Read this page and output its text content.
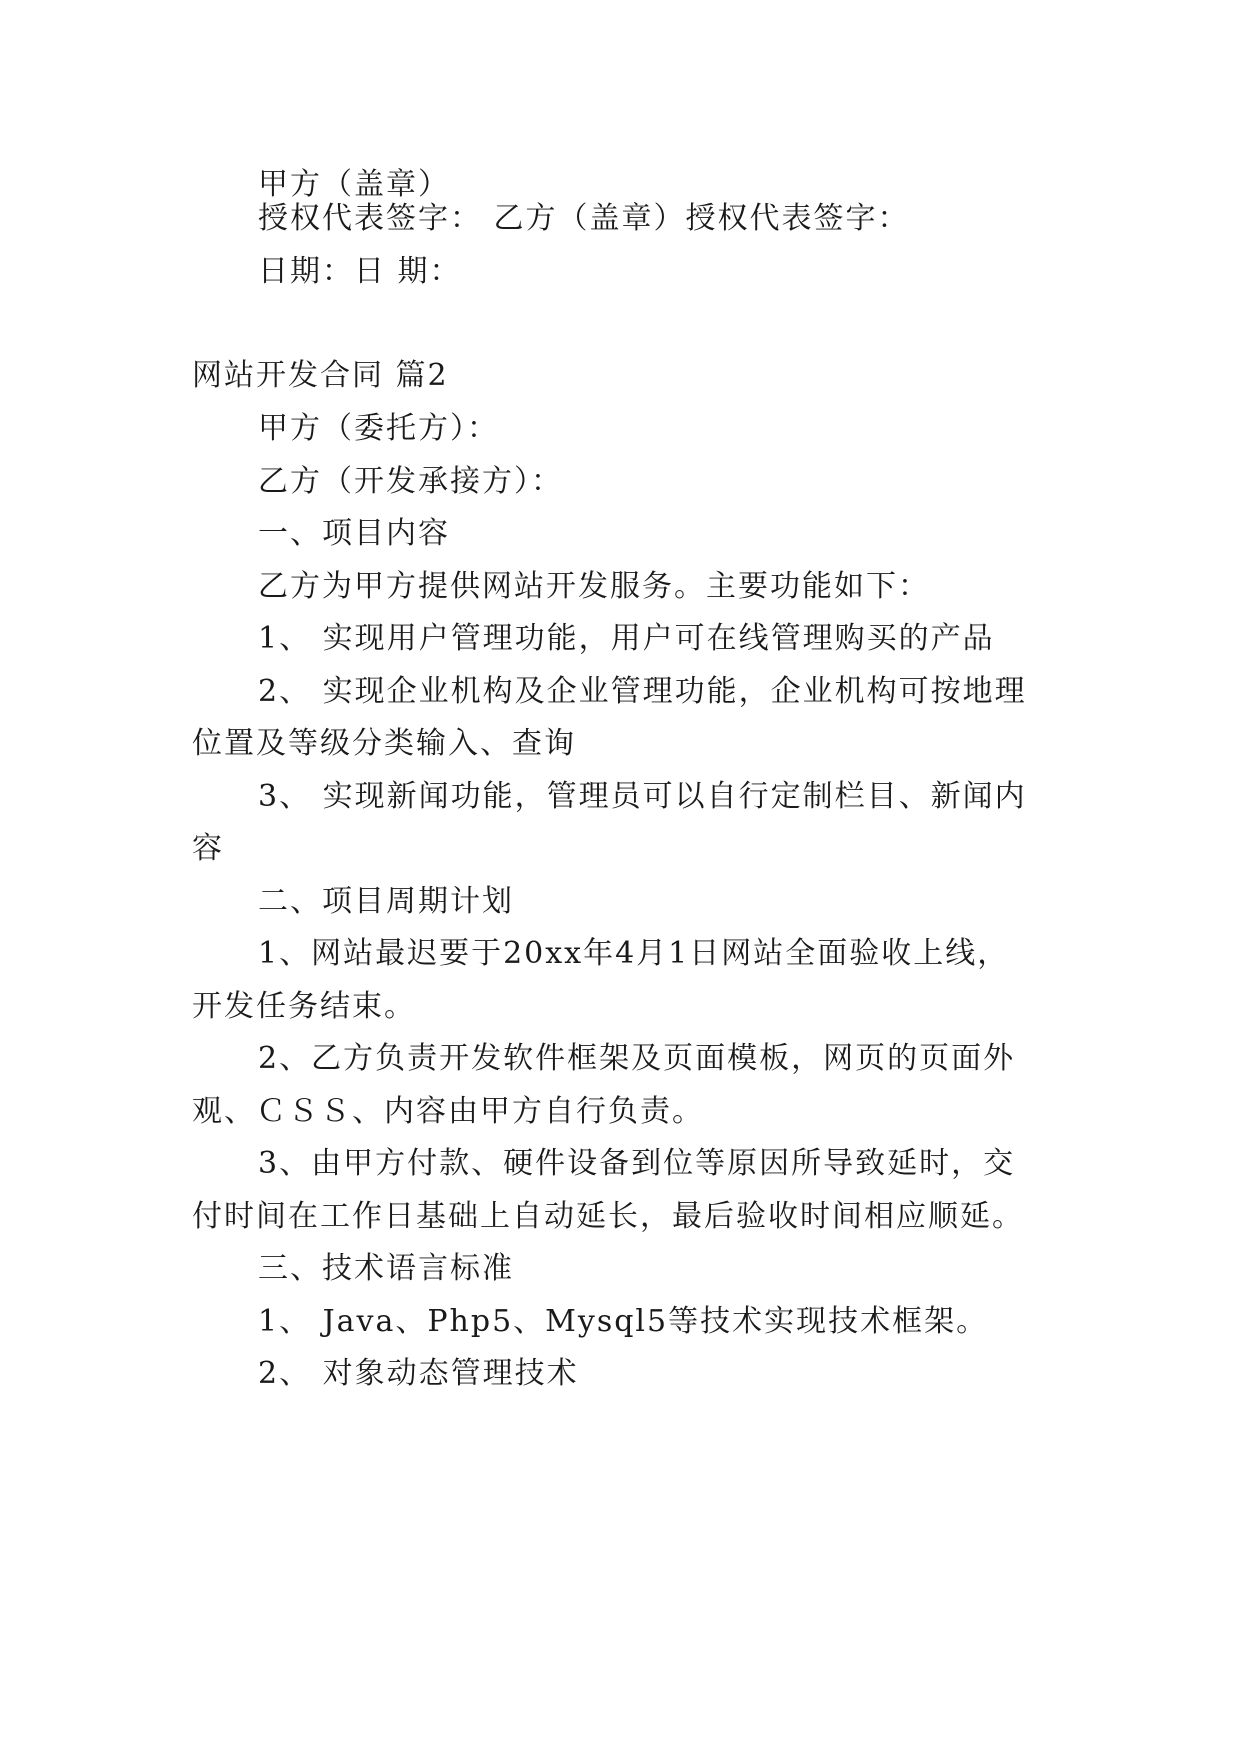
甲方（盖章）
授权代表签字： 乙方（盖章）授权代表签字：
日期：日 期：
网站开发合同 篇2
甲方（委托方）：
乙方（开发承接方）：
一、项目内容
乙方为甲方提供网站开发服务。主要功能如下：
1、 实现用户管理功能，用户可在线管理购买的产品
2、 实现企业机构及企业管理功能，企业机构可按地理
位置及等级分类输入、查询
3、 实现新闻功能，管理员可以自行定制栏目、新闻内
容
二、项目周期计划
1、网站最迟要于20xx年4月1日网站全面验收上线，
开发任务结束。
2、乙方负责开发软件框架及页面模板，网页的页面外
观、ＣＳＳ、内容由甲方自行负责。
3、由甲方付款、硬件设备到位等原因所导致延时，交
付时间在工作日基础上自动延长，最后验收时间相应顺延。
三、技术语言标准
1、 Java、Php5、Mysql5等技术实现技术框架。
2、 对象动态管理技术
